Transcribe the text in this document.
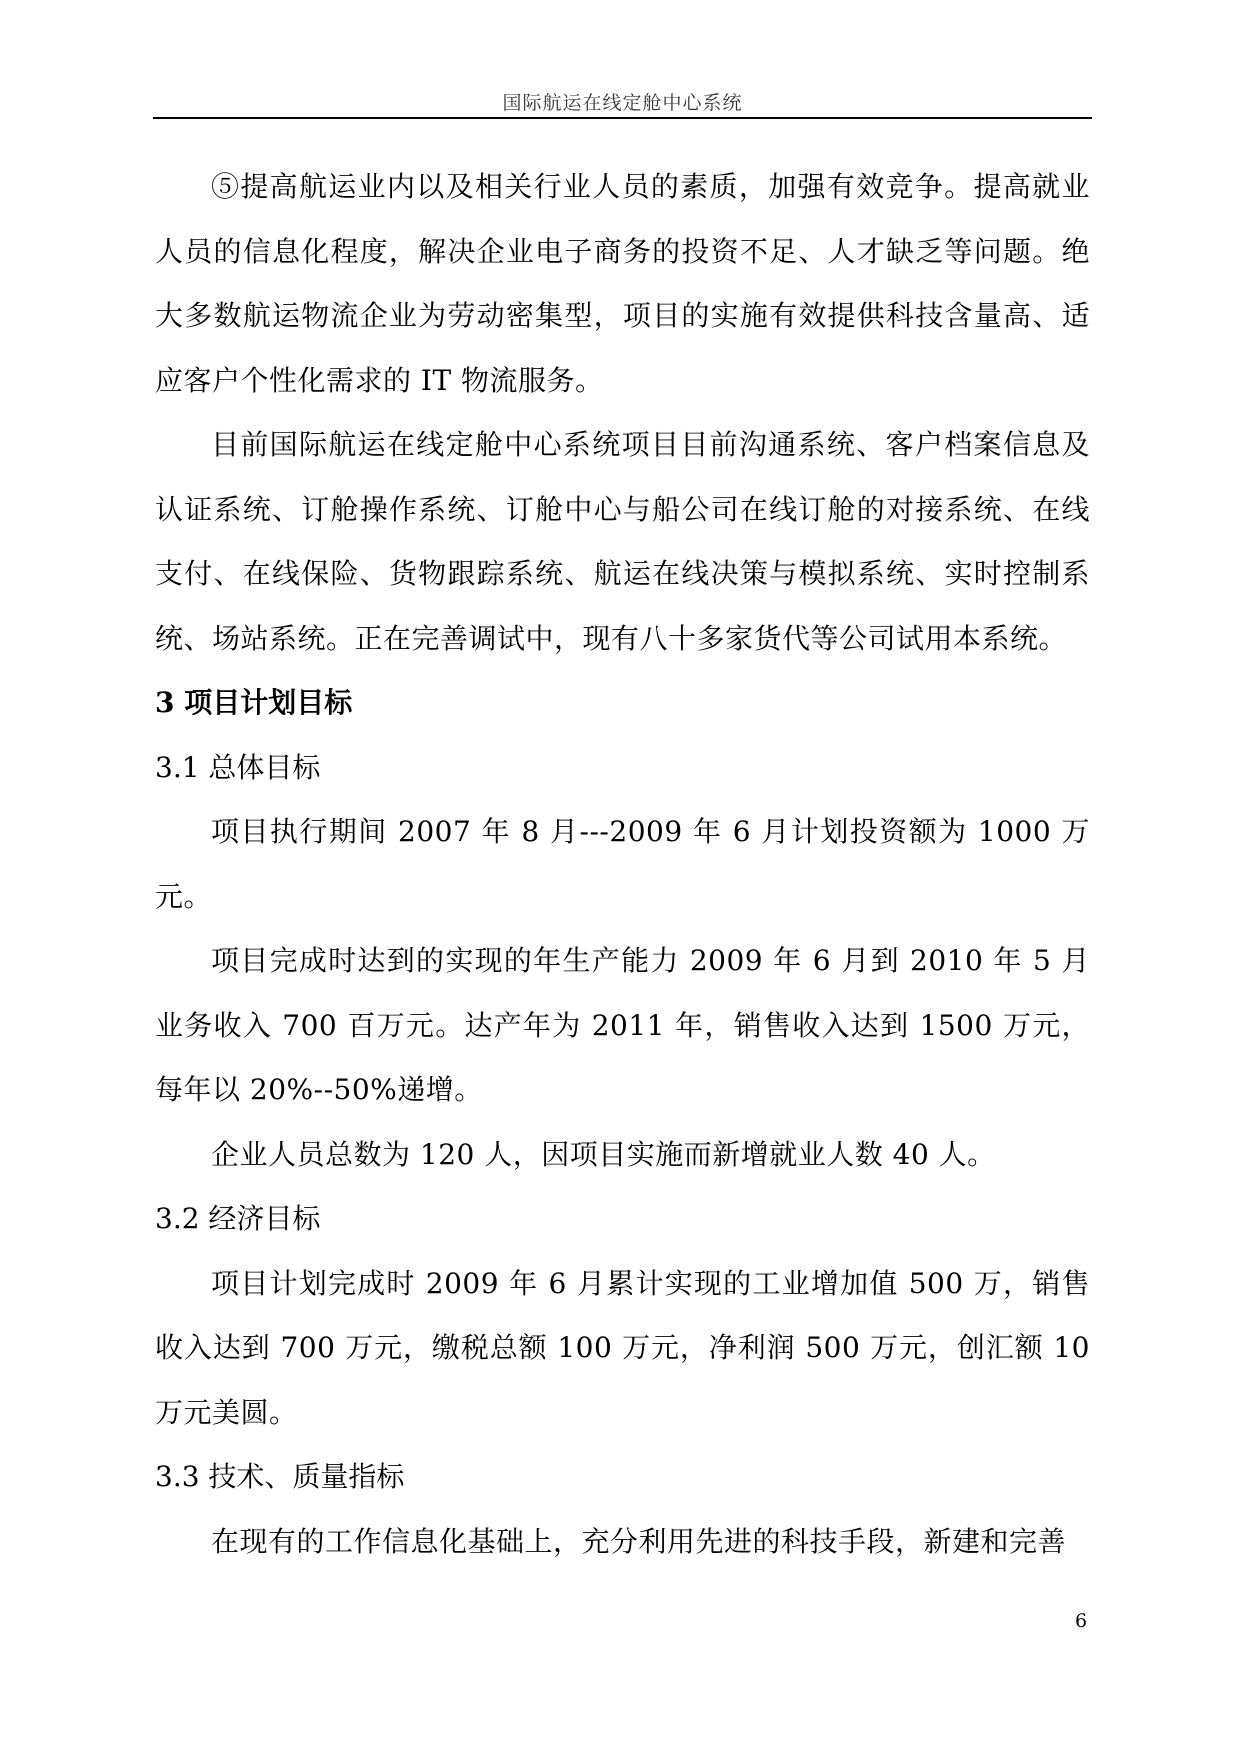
国际航运在线定舱中心系统

⑤提高航运业内以及相关行业人员的素质，加强有效竞争。提高就业人员的信息化程度，解决企业电子商务的投资不足、人才缺乏等问题。绝大多数航运物流企业为劳动密集型，项目的实施有效提供科技含量高、适应客户个性化需求的 IT 物流服务。

目前国际航运在线定舱中心系统项目目前沟通系统、客户档案信息及认证系统、订舱操作系统、订舱中心与船公司在线订舱的对接系统、在线支付、在线保险、货物跟踪系统、航运在线决策与模拟系统、实时控制系统、场站系统。正在完善调试中，现有八十多家货代等公司试用本系统。

3 项目计划目标
3.1 总体目标

项目执行期间 2007 年 8 月---2009 年 6 月计划投资额为 1000 万元。

项目完成时达到的实现的年生产能力 2009 年 6 月到 2010 年 5 月业务收入 700 百万元。达产年为 2011 年，销售收入达到 1500 万元，每年以 20%--50%递增。

企业人员总数为 120 人，因项目实施而新增就业人数 40 人。

3.2 经济目标

项目计划完成时 2009 年 6 月累计实现的工业增加值 500 万，销售收入达到 700 万元，缴税总额 100 万元，净利润 500 万元，创汇额 10 万元美圆。

3.3 技术、质量指标

在现有的工作信息化基础上，充分利用先进的科技手段，新建和完善

6
